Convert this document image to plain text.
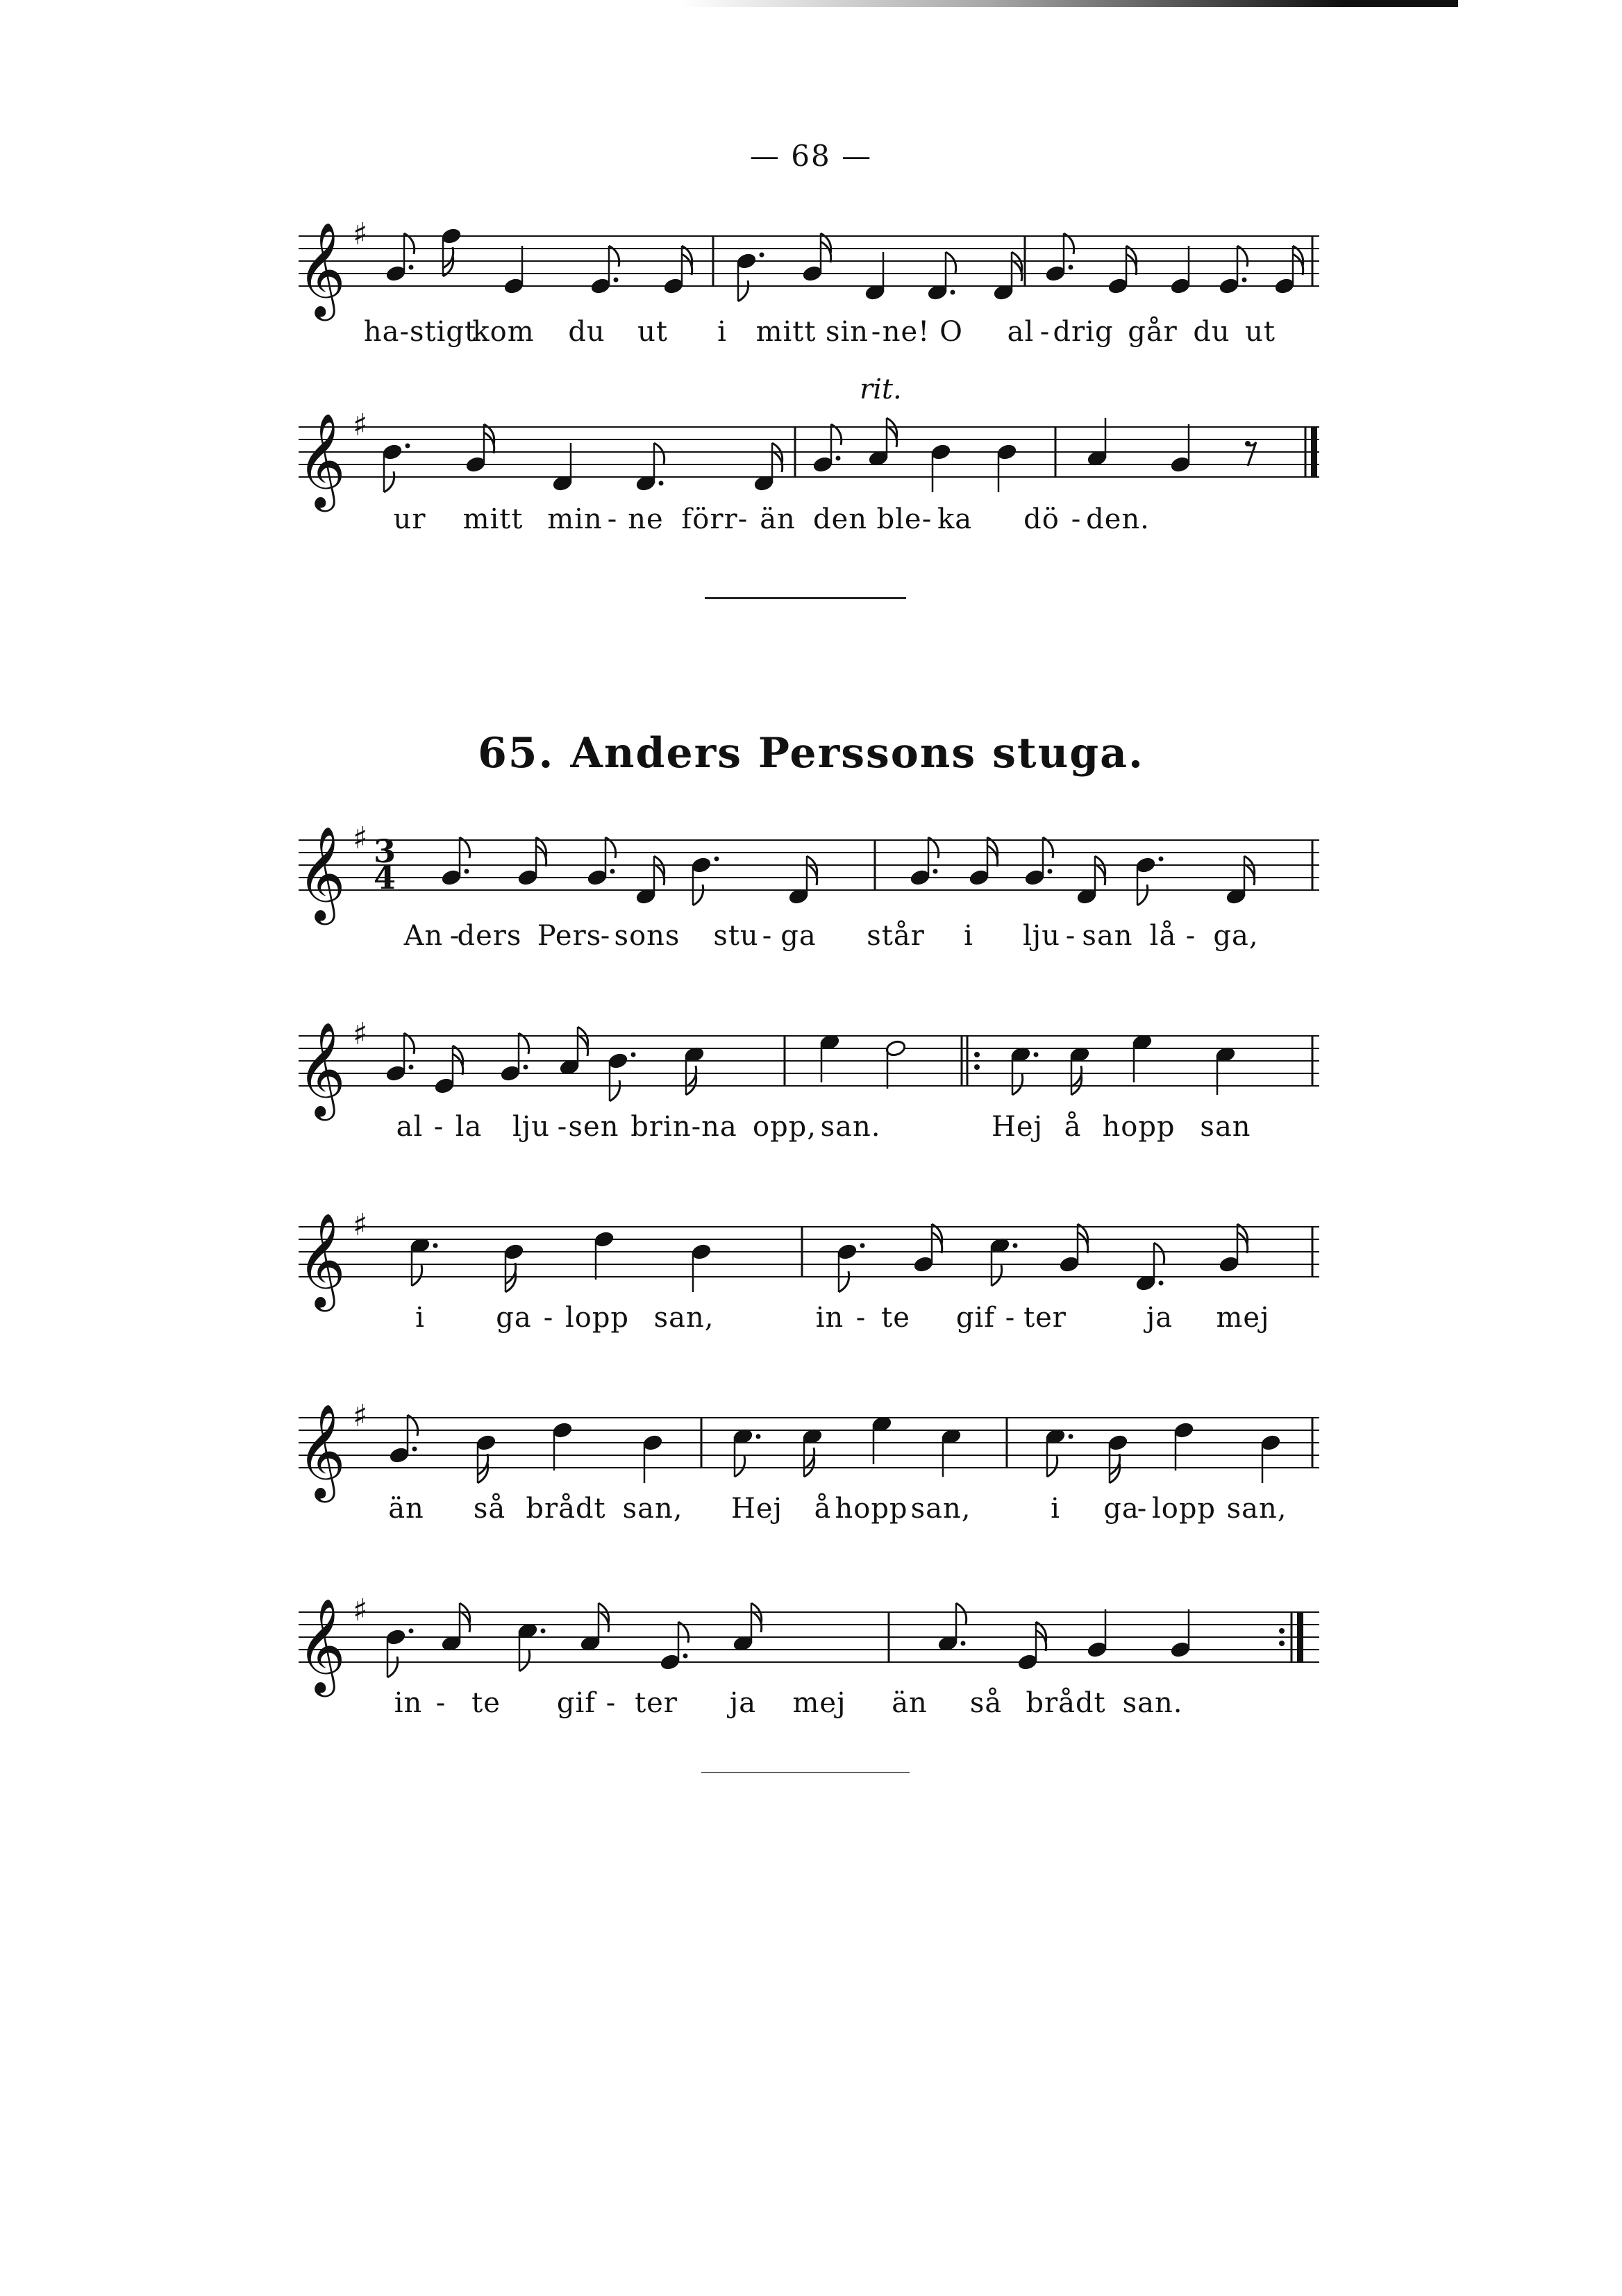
— 68 —
𝄞 ♯
ha-stigt
kom du ut i mitt sin - ne! O al - drig går du ut
rit.
𝄞 ♯
ur mitt min - ne förr - än den ble - ka dö - den.
65. Anders Perssons stuga.
𝄞 ♯ 3
4
An -
ders Pers
- sons stu - ga står i lju - san lå - ga,
𝄞 ♯
al - la lju - sen brin-na opp, san.	Hej å hopp san
𝄞 ♯
i	ga - lopp san,	in - te gif - ter	ja mej
𝄞 ♯
än så brådt san, Hej å hopp san,	i ga
- lopp san,
𝄞 ♯
in - te gif - ter ja mej än så brådt san.
